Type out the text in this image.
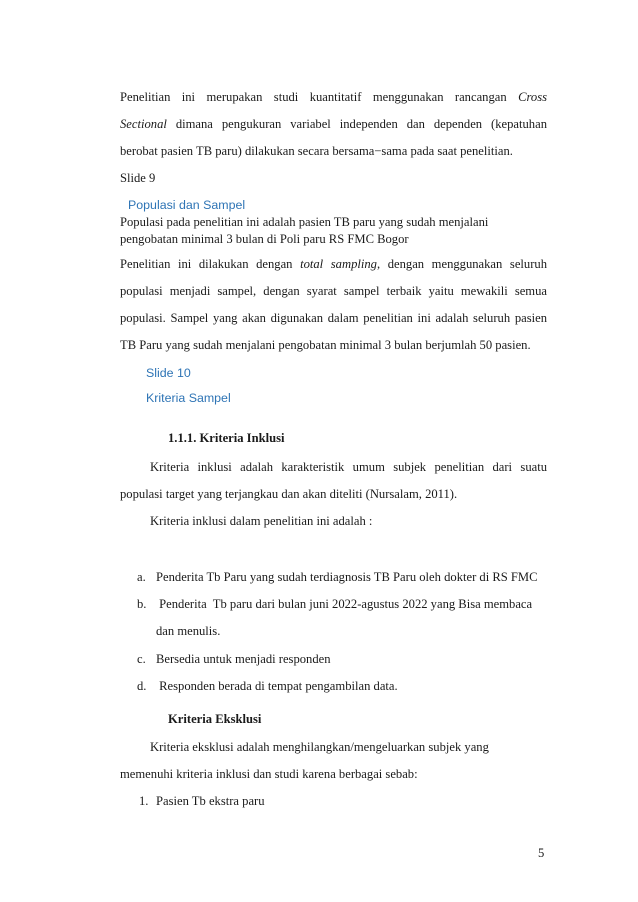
Penelitian ini merupakan studi kuantitatif menggunakan rancangan Cross
Sectional dimana pengukuran variabel independen dan dependen (kepatuhan
berobat pasien TB paru) dilakukan secara bersama−sama pada saat penelitian.
Slide 9
Populasi dan Sampel
Populasi pada penelitian ini adalah pasien TB paru yang sudah menjalani
pengobatan minimal 3 bulan di Poli paru RS FMC Bogor
Penelitian ini dilakukan dengan total sampling, dengan menggunakan seluruh
populasi menjadi sampel, dengan syarat sampel terbaik yaitu mewakili semua
populasi. Sampel yang akan digunakan dalam penelitian ini adalah seluruh pasien
TB Paru yang sudah menjalani pengobatan minimal 3 bulan berjumlah 50 pasien.
Slide 10
Kriteria Sampel
1.1.1. Kriteria Inklusi
Kriteria inklusi adalah karakteristik umum subjek penelitian dari suatu
populasi target yang terjangkau dan akan diteliti (Nursalam, 2011).
Kriteria inklusi dalam penelitian ini adalah :
a. Penderita Tb Paru yang sudah terdiagnosis TB Paru oleh dokter di RS FMC
b. Penderita  Tb paru dari bulan juni 2022-agustus 2022 yang Bisa membaca
dan menulis.
c. Bersedia untuk menjadi responden
d. Responden berada di tempat pengambilan data.
Kriteria Eksklusi
Kriteria eksklusi adalah menghilangkan/mengeluarkan subjek yang
memenuhi kriteria inklusi dan studi karena berbagai sebab:
1. Pasien Tb ekstra paru
5
